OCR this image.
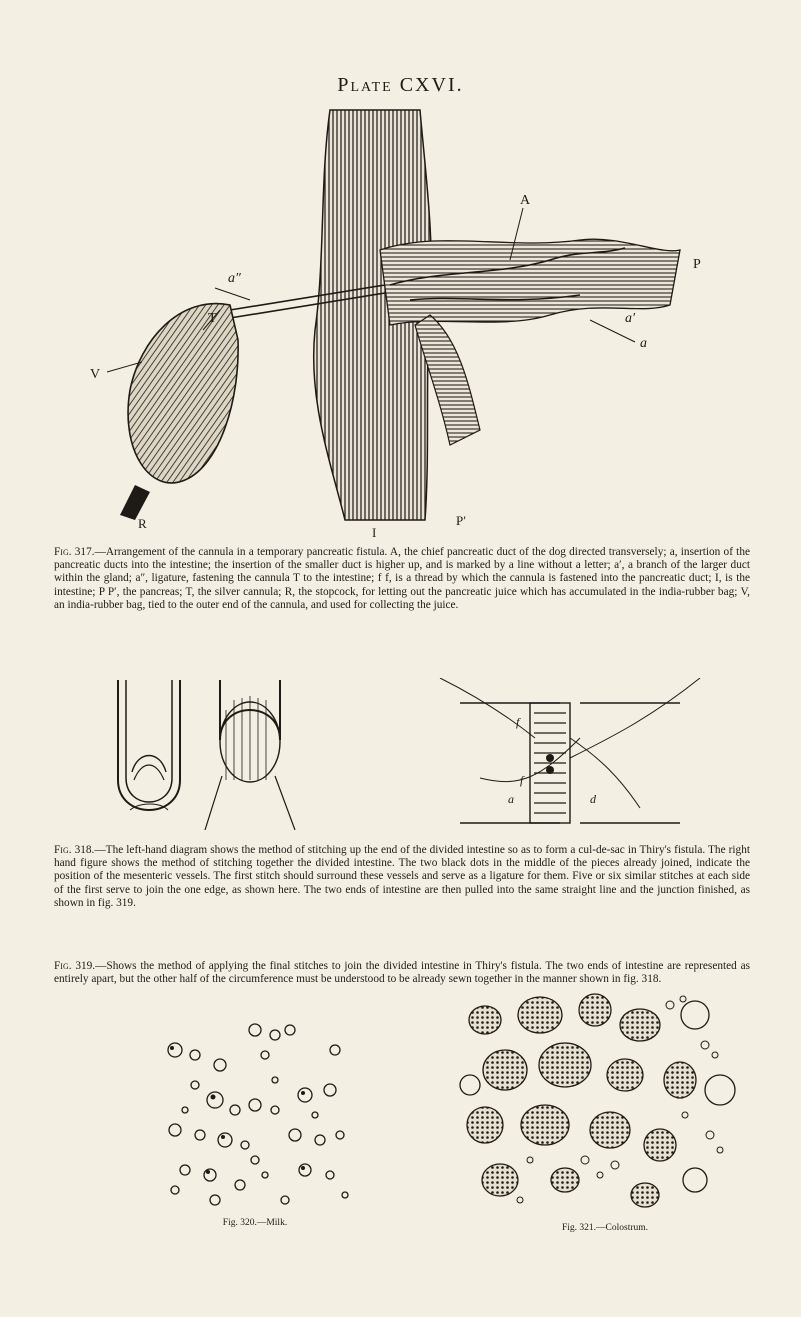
Plate CXVI.
A
P
a″
T	a′
a
V
R
I
P′
Fig. 317.—Arrangement of the cannula in a temporary pancreatic fistula. A, the chief pancreatic duct of the dog directed transversely; a, insertion of the pancreatic ducts into the intestine; the insertion of the smaller duct is higher up, and is marked by a line without a letter; a′, a branch of the larger duct within the gland; a″, ligature, fastening the cannula T to the intestine; f f, is a thread by which the cannula is fastened into the pancreatic duct; I, is the intestine; P P′, the pancreas; T, the silver cannula; R, the stopcock, for letting out the pancreatic juice which has accumulated in the india-rubber bag; V, an india-rubber bag, tied to the outer end of the cannula, and used for collecting the juice.
f
f
a	d
Fig. 318.—The left-hand diagram shows the method of stitching up the end of the divided intestine so as to form a cul-de-sac in Thiry's fistula. The right hand figure shows the method of stitching together the divided intestine. The two black dots in the middle of the pieces already joined, indicate the position of the mesenteric vessels. The first stitch should surround these vessels and serve as a ligature for them. Five or six similar stitches at each side of the first serve to join the one edge, as shown here. The two ends of intestine are then pulled into the same straight line and the junction finished, as shown in fig. 319.
Fig. 319.—Shows the method of applying the final stitches to join the divided intestine in Thiry's fistula. The two ends of intestine are represented as entirely apart, but the other half of the circumference must be understood to be already sewn together in the manner shown in fig. 318.
Fig. 320.—Milk.	Fig. 321.—Colostrum.
